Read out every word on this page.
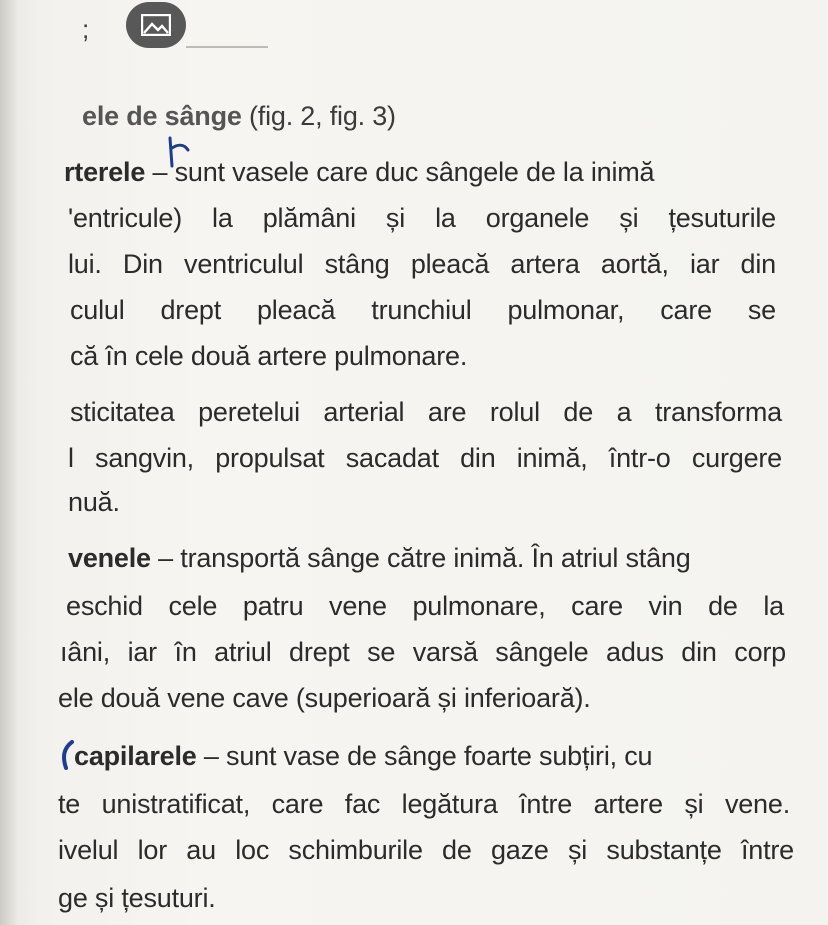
;
ele de sânge (fig. 2, fig. 3)
rterele – sunt vasele care duc sângele de la inimă
'entricule) la plămâni și la organele și țesuturile
lui. Din ventriculul stâng pleacă artera aortă, iar din
culul drept pleacă trunchiul pulmonar, care se
că în cele două artere pulmonare.
sticitatea peretelui arterial are rolul de a transforma
l sangvin, propulsat sacadat din inimă, într-o curgere
nuă.
venele – transportă sânge către inimă. În atriul stâng
eschid cele patru vene pulmonare, care vin de la
ıâni, iar în atriul drept se varsă sângele adus din corp
ele două vene cave (superioară și inferioară).
capilarele – sunt vase de sânge foarte subțiri, cu
te unistratificat, care fac legătura între artere și vene.
ivelul lor au loc schimburile de gaze și substanțe între
ge și țesuturi.
